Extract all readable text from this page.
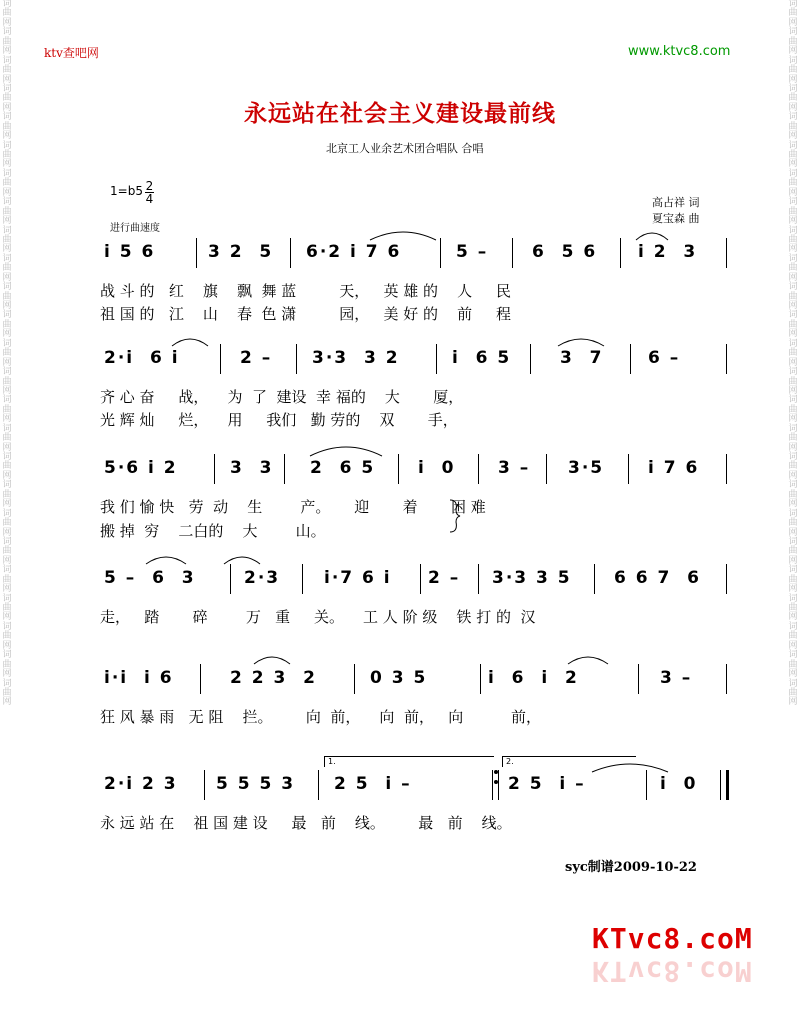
词曲网词曲网词曲网词曲网词曲网词曲网词曲网词曲网词曲网词曲网词曲网词曲网词曲网词曲网词曲网词曲网词曲网词曲网词曲网词曲网词曲网词曲网词曲网词曲网词曲网
词曲网词曲网词曲网词曲网词曲网词曲网词曲网词曲网词曲网词曲网词曲网词曲网词曲网词曲网词曲网词曲网词曲网词曲网词曲网词曲网词曲网词曲网词曲网词曲网词曲网
ktv查吧网	www.ktvc8.com
永远站在社会主义建设最前线
北京工人业余艺术团合唱队 合唱
1=b5 2
4
进行曲速度
高占祥 词
夏宝森 曲
i 5 6	3 2  5 6·2 i 7 6	5 –	6  5 6 i 2  3
战 斗 的   红    旗    飘  舞 蓝         天，   英 雄 的    人     民
祖 国 的   江    山    春  色 潇         园，   美 好 的    前     程
2·i  6 i	2 – 3·3  3 2	i  6 5	3  7	6 –
齐 心 奋     战，    为  了  建设  幸 福的    大       厦，
光 辉 灿     烂，    用     我们   勤 劳的    双       手，
5·6 i 2	3  3 2  6 5	i  0	3 – 3·5	i 7 6
我 们 愉 快   劳  动    生        产。     迎       着       困 难
搬 掉  穷    二白的    大        山。
5 –  6  3	2·3	i·7 6 i 2 – 3·3 3 5 6 6 7  6
走，   踏       碎        万   重     关。    工 人 阶 级    铁 打 的  汉
i·i  i 6	2 2 3  2	0 3 5	i  6  i  2	3 –
狂 风 暴 雨   无 阻    拦。       向  前，    向  前，   向          前，
1.	2.
2·i 2 3 5 5 5 3 2 5  i –	2 5  i –	i  0
永 远 站 在    祖 国 建 设     最   前    线。       最   前    线。
syc制谱2009-10-22
KTvc8.coM
KTvc8.coM
